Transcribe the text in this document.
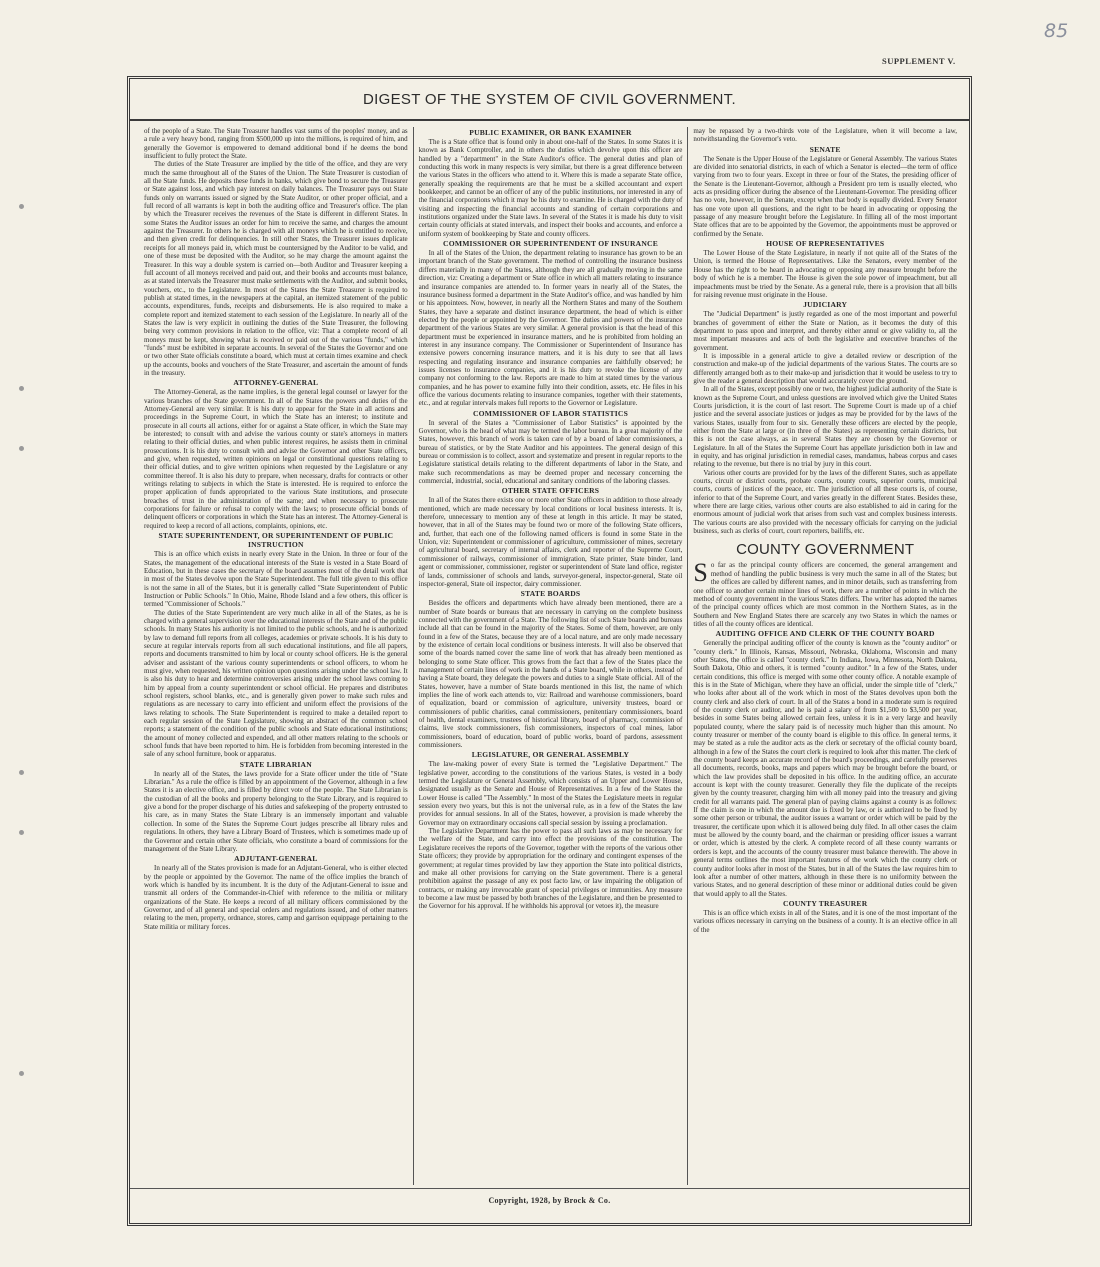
85
SUPPLEMENT V.
DIGEST OF THE SYSTEM OF CIVIL GOVERNMENT.

of the people of a State. The State Treasurer handles vast sums of the peoples' money, and as a rule a very heavy bond, ranging from $500,000 up into the millions, is required of him, and generally the Governor is empowered to demand additional bond if he deems the bond insufficient to fully protect the State.

The duties of the State Treasurer are implied by the title of the office, and they are very much the same throughout all of the States of the Union. The State Treasurer is custodian of all the State funds. He deposits these funds in banks, which give bond to secure the Treasurer or State against loss, and which pay interest on daily balances. The Treasurer pays out State funds only on warrants issued or signed by the State Auditor, or other proper official, and a full record of all warrants is kept in both the auditing office and Treasurer's office. The plan by which the Treasurer receives the revenues of the State is different in different States. In some States the Auditor issues an order for him to receive the same, and charges the amount against the Treasurer. In others he is charged with all moneys which he is entitled to receive, and then given credit for delinquencies. In still other States, the Treasurer issues duplicate receipts for all moneys paid in, which must be countersigned by the Auditor to be valid, and one of these must be deposited with the Auditor, so he may charge the amount against the Treasurer. In this way a double system is carried on—both Auditor and Treasurer keeping a full account of all moneys received and paid out, and their books and accounts must balance, as at stated intervals the Treasurer must make settlements with the Auditor, and submit books, vouchers, etc., to the Legislature. In most of the States the State Treasurer is required to publish at stated times, in the newspapers at the capital, an itemized statement of the public accounts, expenditures, funds, receipts and disbursements. He is also required to make a complete report and itemized statement to each session of the Legislature. In nearly all of the States the law is very explicit in outlining the duties of the State Treasurer, the following being very common provisions in relation to the office, viz: That a complete record of all moneys must be kept, showing what is received or paid out of the various "funds," which "funds" must be exhibited in separate accounts. In several of the States the Governor and one or two other State officials constitute a board, which must at certain times examine and check up the accounts, books and vouchers of the State Treasurer, and ascertain the amount of funds in the treasury.

ATTORNEY-GENERAL

The Attorney-General, as the name implies, is the general legal counsel or lawyer for the various branches of the State government. In all of the States the powers and duties of the Attorney-General are very similar. It is his duty to appear for the State in all actions and proceedings in the Supreme Court, in which the State has an interest; to institute and prosecute in all courts all actions, either for or against a State officer, in which the State may be interested; to consult with and advise the various county or state's attorneys in matters relating to their official duties, and when public interest requires, he assists them in criminal prosecutions. It is his duty to consult with and advise the Governor and other State officers, and give, when requested, written opinions on legal or constitutional questions relating to their official duties, and to give written opinions when requested by the Legislature or any committee thereof. It is also his duty to prepare, when necessary, drafts for contracts or other writings relating to subjects in which the State is interested. He is required to enforce the proper application of funds appropriated to the various State institutions, and prosecute breaches of trust in the administration of the same; and when necessary to prosecute corporations for failure or refusal to comply with the laws; to prosecute official bonds of delinquent officers or corporations in which the State has an interest. The Attorney-General is required to keep a record of all actions, complaints, opinions, etc.

STATE SUPERINTENDENT, OR SUPERINTENDENT OF PUBLIC INSTRUCTION

This is an office which exists in nearly every State in the Union. In three or four of the States, the management of the educational interests of the State is vested in a State Board of Education, but in these cases the secretary of the board assumes most of the detail work that in most of the States devolve upon the State Superintendent. The full title given to this office is not the same in all of the States, but it is generally called "State Superintendent of Public Instruction or Public Schools." In Ohio, Maine, Rhode Island and a few others, this officer is termed "Commissioner of Schools."

The duties of the State Superintendent are very much alike in all of the States, as he is charged with a general supervision over the educational interests of the State and of the public schools. In many States his authority is not limited to the public schools, and he is authorized by law to demand full reports from all colleges, academies or private schools. It is his duty to secure at regular intervals reports from all such educational institutions, and file all papers, reports and documents transmitted to him by local or county school officers. He is the general adviser and assistant of the various county superintendents or school officers, to whom he must give, when requested, his written opinion upon questions arising under the school law. It is also his duty to hear and determine controversies arising under the school laws coming to him by appeal from a county superintendent or school official. He prepares and distributes school registers, school blanks, etc., and is generally given power to make such rules and regulations as are necessary to carry into efficient and uniform effect the provisions of the laws relating to schools. The State Superintendent is required to make a detailed report to each regular session of the State Legislature, showing an abstract of the common school reports; a statement of the condition of the public schools and State educational institutions; the amount of money collected and expended, and all other matters relating to the schools or school funds that have been reported to him. He is forbidden from becoming interested in the sale of any school furniture, book or apparatus.

STATE LIBRARIAN

In nearly all of the States, the laws provide for a State officer under the title of "State Librarian." As a rule the office is filled by an appointment of the Governor, although in a few States it is an elective office, and is filled by direct vote of the people. The State Librarian is the custodian of all the books and property belonging to the State Library, and is required to give a bond for the proper discharge of his duties and safekeeping of the property entrusted to his care, as in many States the State Library is an immensely important and valuable collection. In some of the States the Supreme Court judges prescribe all library rules and regulations. In others, they have a Library Board of Trustees, which is sometimes made up of the Governor and certain other State officials, who constitute a board of commissions for the management of the State Library.

ADJUTANT-GENERAL

In nearly all of the States provision is made for an Adjutant-General, who is either elected by the people or appointed by the Governor. The name of the office implies the branch of work which is handled by its incumbent. It is the duty of the Adjutant-General to issue and transmit all orders of the Commander-in-Chief with reference to the militia or military organizations of the State. He keeps a record of all military officers commissioned by the Governor, and of all general and special orders and regulations issued, and of other matters relating to the men, property, ordnance, stores, camp and garrison equippage pertaining to the State militia or military forces.

PUBLIC EXAMINER, OR BANK EXAMINER

The is a State office that is found only in about one-half of the States. In some States it is known as Bank Comptroller, and in others the duties which devolve upon this officer are handled by a "department" in the State Auditor's office. The general duties and plan of conducting this work in many respects is very similar, but there is a great difference between the various States in the officers who attend to it. Where this is made a separate State office, generally speaking the requirements are that he must be a skilled accountant and expert bookkeeper, and cannot be an officer of any of the public institutions, nor interested in any of the financial corporations which it may be his duty to examine. He is charged with the duty of visiting and inspecting the financial accounts and standing of certain corporations and institutions organized under the State laws. In several of the States it is made his duty to visit certain county officials at stated intervals, and inspect their books and accounts, and enforce a uniform system of bookkeeping by State and county officers.

COMMISSIONER OR SUPERINTENDENT OF INSURANCE

In all of the States of the Union, the department relating to insurance has grown to be an important branch of the State government. The method of controlling the insurance business differs materially in many of the States, although they are all gradually moving in the same direction, viz: Creating a department or State office in which all matters relating to insurance and insurance companies are attended to. In former years in nearly all of the States, the insurance business formed a department in the State Auditor's office, and was handled by him or his appointees. Now, however, in nearly all the Northern States and many of the Southern States, they have a separate and distinct insurance department, the head of which is either elected by the people or appointed by the Governor. The duties and powers of the insurance department of the various States are very similar. A general provision is that the head of this department must be experienced in insurance matters, and he is prohibited from holding an interest in any insurance company. The Commissioner or Superintendent of Insurance has extensive powers concerning insurance matters, and it is his duty to see that all laws respecting and regulating insurance and insurance companies are faithfully observed; he issues licenses to insurance companies, and it is his duty to revoke the license of any company not conforming to the law. Reports are made to him at stated times by the various companies, and he has power to examine fully into their condition, assets, etc. He files in his office the various documents relating to insurance companies, together with their statements, etc., and at regular intervals makes full reports to the Governor or Legislature.

COMMISSIONER OF LABOR STATISTICS

In several of the States a "Commissioner of Labor Statistics" is appointed by the Governor, who is the head of what may be termed the labor bureau. In a great majority of the States, however, this branch of work is taken care of by a board of labor commissioners, a bureau of statistics, or by the State Auditor and his appointees. The general design of this bureau or commission is to collect, assort and systematize and present in regular reports to the Legislature statistical details relating to the different departments of labor in the State, and make such recommendations as may be deemed proper and necessary concerning the commercial, industrial, social, educational and sanitary conditions of the laboring classes.

OTHER STATE OFFICERS

In all of the States there exists one or more other State officers in addition to those already mentioned, which are made necessary by local conditions or local business interests. It is, therefore, unnecessary to mention any of these at length in this article. It may be stated, however, that in all of the States may be found two or more of the following State officers, and, further, that each one of the following named officers is found in some State in the Union, viz: Superintendent or commissioner of agriculture, commissioner of mines, secretary of agricultural board, secretary of internal affairs, clerk and reporter of the Supreme Court, commissioner of railways, commissioner of immigration, State printer, State binder, land agent or commissioner, commissioner, register or superintendent of State land office, register of lands, commissioner of schools and lands, surveyor-general, inspector-general, State oil inspector-general, State oil inspector, dairy commissioner.

STATE BOARDS

Besides the officers and departments which have already been mentioned, there are a number of State boards or bureaus that are necessary in carrying on the complete business connected with the government of a State. The following list of such State boards and bureaus include all that can be found in the majority of the States. Some of them, however, are only found in a few of the States, because they are of a local nature, and are only made necessary by the existence of certain local conditions or business interests. It will also be observed that some of the boards named cover the same line of work that has already been mentioned as belonging to some State officer. This grows from the fact that a few of the States place the management of certain lines of work in the hands of a State board, while in others, instead of having a State board, they delegate the powers and duties to a single State official. All of the States, however, have a number of State boards mentioned in this list, the name of which implies the line of work each attends to, viz: Railroad and warehouse commissioners, board of equalization, board or commission of agriculture, university trustees, board or commissioners of public charities, canal commissioners, penitentiary commissioners, board of health, dental examiners, trustees of historical library, board of pharmacy, commission of claims, live stock commissioners, fish commissioners, inspectors of coal mines, labor commissioners, board of education, board of public works, board of pardons, assessment commissioners.

LEGISLATURE, OR GENERAL ASSEMBLY

The law-making power of every State is termed the "Legislative Department." The legislative power, according to the constitutions of the various States, is vested in a body termed the Legislature or General Assembly, which consists of an Upper and Lower House, designated usually as the Senate and House of Representatives. In a few of the States the Lower House is called "The Assembly." In most of the States the Legislature meets in regular session every two years, but this is not the universal rule, as in a few of the States the law provides for annual sessions. In all of the States, however, a provision is made whereby the Governor may on extraordinary occasions call special session by issuing a proclamation.

The Legislative Department has the power to pass all such laws as may be necessary for the welfare of the State, and carry into effect the provisions of the constitution. The Legislature receives the reports of the Governor, together with the reports of the various other State officers; they provide by appropriation for the ordinary and contingent expenses of the government; at regular times provided by law they apportion the State into political districts, and make all other provisions for carrying on the State government. There is a general prohibition against the passage of any ex post facto law, or law impairing the obligation of contracts, or making any irrevocable grant of special privileges or immunities. Any measure to become a law must be passed by both branches of the Legislature, and then be presented to the Governor for his approval. If he withholds his approval (or vetoes it), the measure

may be repassed by a two-thirds vote of the Legislature, when it will become a law, notwithstanding the Governor's veto.

SENATE

The Senate is the Upper House of the Legislature or General Assembly. The various States are divided into senatorial districts, in each of which a Senator is elected—the term of office varying from two to four years. Except in three or four of the States, the presiding officer of the Senate is the Lieutenant-Governor, although a President pro tem is usually elected, who acts as presiding officer during the absence of the Lieutenant-Governor. The presiding officer has no vote, however, in the Senate, except when that body is equally divided. Every Senator has one vote upon all questions, and the right to be heard in advocating or opposing the passage of any measure brought before the Legislature. In filling all of the most important State offices that are to be appointed by the Governor, the appointments must be approved or confirmed by the Senate.

HOUSE OF REPRESENTATIVES

The Lower House of the State Legislature, in nearly if not quite all of the States of the Union, is termed the House of Representatives. Like the Senators, every member of the House has the right to be heard in advocating or opposing any measure brought before the body of which he is a member. The House is given the sole power of impeachment, but all impeachments must be tried by the Senate. As a general rule, there is a provision that all bills for raising revenue must originate in the House.

JUDICIARY

The "Judicial Department" is justly regarded as one of the most important and powerful branches of government of either the State or Nation, as it becomes the duty of this department to pass upon and interpret, and thereby either annul or give validity to, all the most important measures and acts of both the legislative and executive branches of the government.

It is impossible in a general article to give a detailed review or description of the construction and make-up of the judicial departments of the various States. The courts are so differently arranged both as to their make-up and jurisdiction that it would be useless to try to give the reader a general description that would accurately cover the ground.

In all of the States, except possibly one or two, the highest judicial authority of the State is known as the Supreme Court, and unless questions are involved which give the United States Courts jurisdiction, it is the court of last resort. The Supreme Court is made up of a chief justice and the several associate justices or judges as may be provided for by the laws of the various States, usually from four to six. Generally these officers are elected by the people, either from the State at large or (in three of the States) as representing certain districts, but this is not the case always, as in several States they are chosen by the Governor or Legislature. In all of the States the Supreme Court has appellate jurisdiction both in law and in equity, and has original jurisdiction in remedial cases, mandamus, habeas corpus and cases relating to the revenue, but there is no trial by jury in this court.

Various other courts are provided for by the laws of the different States, such as appellate courts, circuit or district courts, probate courts, county courts, superior courts, municipal courts, courts of justices of the peace, etc. The jurisdiction of all these courts is, of course, inferior to that of the Supreme Court, and varies greatly in the different States. Besides these, where there are large cities, various other courts are also established to aid in caring for the enormous amount of judicial work that arises from such vast and complex business interests. The various courts are also provided with the necessary officials for carrying on the judicial business, such as clerks of court, court reporters, bailiffs, etc.

COUNTY GOVERNMENT

So far as the principal county officers are concerned, the general arrangement and method of handling the public business is very much the same in all of the States; but the offices are called by different names, and in minor details, such as transferring from one officer to another certain minor lines of work, there are a number of points in which the method of county government in the various States differs. The writer has adopted the names of the principal county offices which are most common in the Northern States, as in the Southern and New England States there are scarcely any two States in which the names or titles of all the county offices are identical.

AUDITING OFFICE AND CLERK OF THE COUNTY BOARD

Generally the principal auditing officer of the county is known as the "county auditor" or "county clerk." In Illinois, Kansas, Missouri, Nebraska, Oklahoma, Wisconsin and many other States, the office is called "county clerk." In Indiana, Iowa, Minnesota, North Dakota, South Dakota, Ohio and others, it is termed "county auditor." In a few of the States, under certain conditions, this office is merged with some other county office. A notable example of this is in the State of Michigan, where they have an official, under the simple title of "clerk," who looks after about all of the work which in most of the States devolves upon both the county clerk and also clerk of court. In all of the States a bond in a moderate sum is required of the county clerk or auditor, and he is paid a salary of from $1,500 to $3,500 per year, besides in some States being allowed certain fees, unless it is in a very large and heavily populated county, where the salary paid is of necessity much higher than this amount. No county treasurer or member of the county board is eligible to this office. In general terms, it may be stated as a rule the auditor acts as the clerk or secretary of the official county board, although in a few of the States the court clerk is required to look after this matter. The clerk of the county board keeps an accurate record of the board's proceedings, and carefully preserves all documents, records, books, maps and papers which may be brought before the board, or which the law provides shall be deposited in his office. In the auditing office, an accurate account is kept with the county treasurer. Generally they file the duplicate of the receipts given by the county treasurer, charging him with all money paid into the treasury and giving credit for all warrants paid. The general plan of paying claims against a county is as follows: If the claim is one in which the amount due is fixed by law, or is authorized to be fixed by some other person or tribunal, the auditor issues a warrant or order which will be paid by the treasurer, the certificate upon which it is allowed being duly filed. In all other cases the claim must be allowed by the county board, and the chairman or presiding officer issues a warrant or order, which is attested by the clerk. A complete record of all these county warrants or orders is kept, and the accounts of the county treasurer must balance therewith. The above in general terms outlines the most important features of the work which the county clerk or county auditor looks after in most of the States, but in all of the States the law requires him to look after a number of other matters, although in these there is no uniformity between the various States, and no general description of these minor or additional duties could be given that would apply to all the States.

COUNTY TREASURER

This is an office which exists in all of the States, and it is one of the most important of the various offices necessary in carrying on the business of a county. It is an elective office in all of the

Copyright, 1928, by Brock & Co.
